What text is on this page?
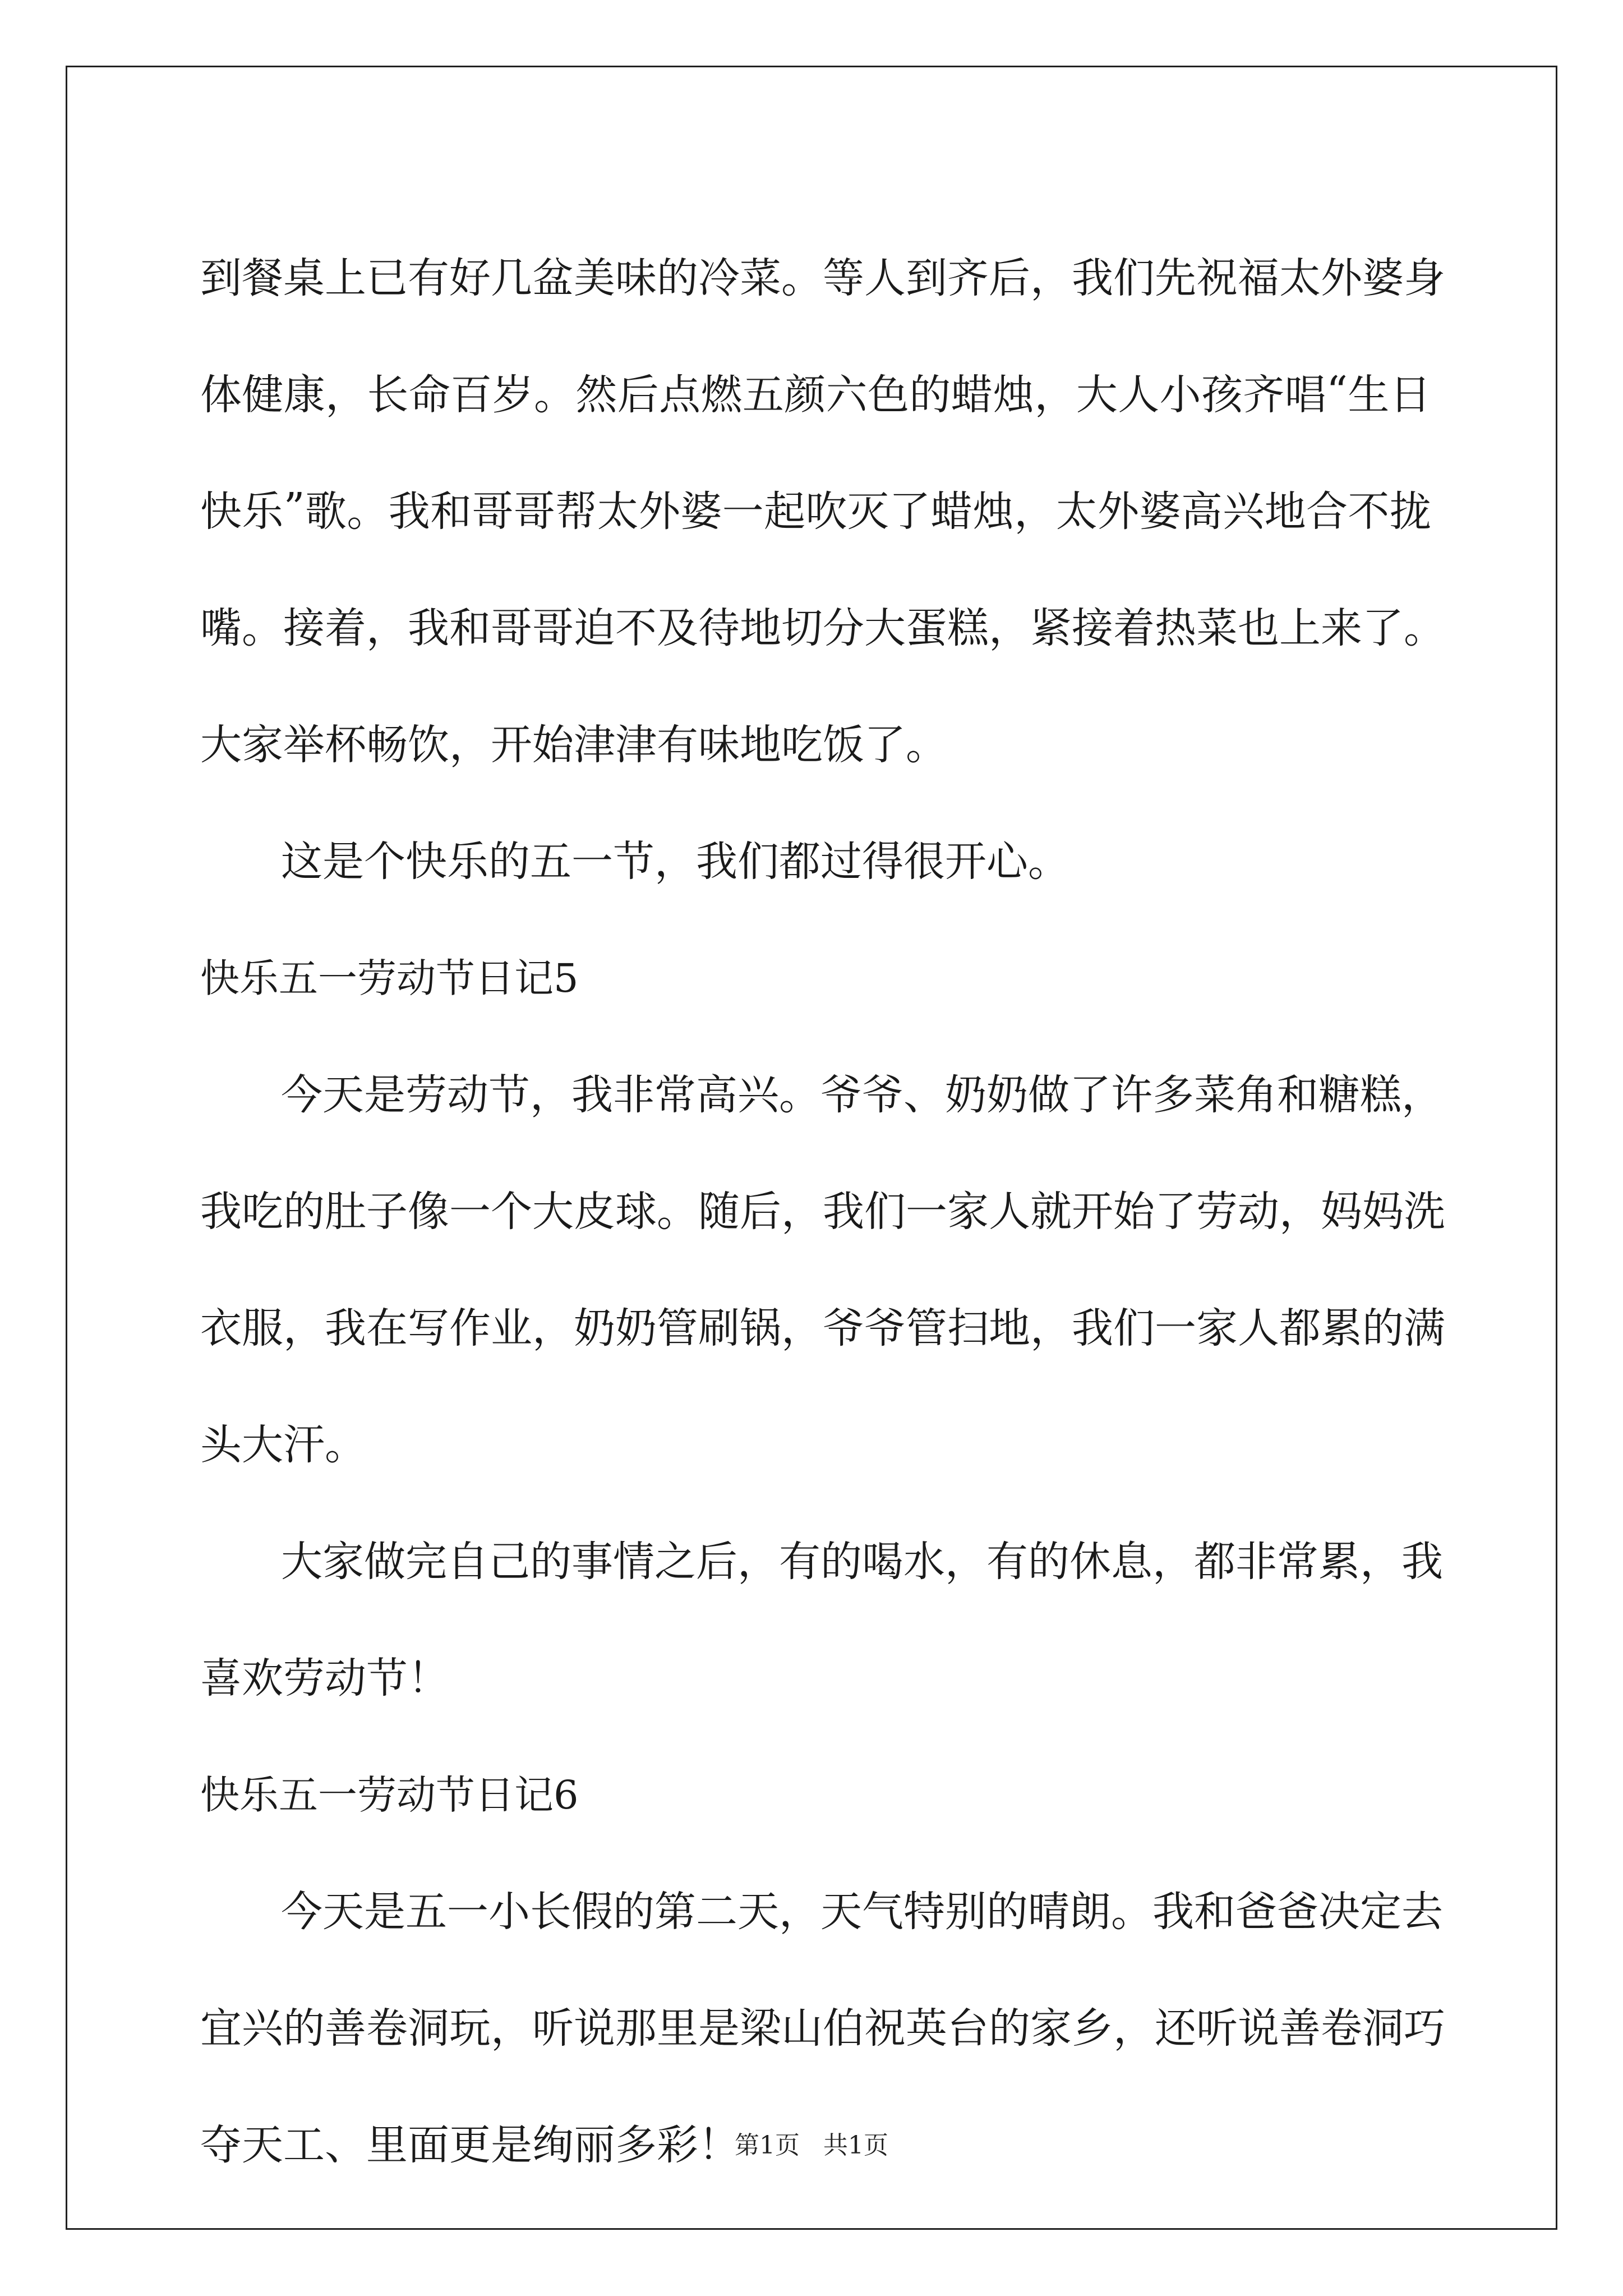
到 餐 桌 上 已 有 好 几 盆 美 味 的 冷 菜 。 等 人 到 齐 后 ， 我 们 先 祝 福 太 外 婆 身
体 健 康 ， 长 命 百 岁 。 然 后 点 燃 五 颜 六 色 的 蜡 烛 ， 大 人 小 孩 齐 唱 “ 生 日
快 乐 ” 歌 。 我 和 哥 哥 帮 太 外 婆 一 起 吹 灭 了 蜡 烛 ， 太 外 婆 高 兴 地 合 不 拢
嘴 。 接 着 ， 我 和 哥 哥 迫 不 及 待 地 切 分 大 蛋 糕 ， 紧 接 着 热 菜 也 上 来 了 。
大家举杯畅饮，开始津津有味地吃饭了。
这是个快乐的五一节，我们都过得很开心。
快乐五一劳动节日记5
今 天 是 劳 动 节 ， 我 非 常 高 兴 。 爷 爷 、 奶 奶 做 了 许 多 菜 角 和 糖 糕 ，
我 吃 的 肚 子 像 一 个 大 皮 球 。 随 后 ， 我 们 一 家 人 就 开 始 了 劳 动 ， 妈 妈 洗
衣 服 ， 我 在 写 作 业 ， 奶 奶 管 刷 锅 ， 爷 爷 管 扫 地 ， 我 们 一 家 人 都 累 的 满
头大汗。
大 家 做 完 自 己 的 事 情 之 后 ， 有 的 喝 水 ， 有 的 休 息 ， 都 非 常 累 ， 我
喜欢劳动节！
快乐五一劳动节日记6
今 天 是 五 一 小 长 假 的 第 二 天 ， 天 气 特 别 的 晴 朗 。 我 和 爸 爸 决 定 去
宜 兴 的 善 卷 洞 玩 ， 听 说 那 里 是 梁 山 伯 祝 英 台 的 家 乡 ， 还 听 说 善 卷 洞 巧
夺天工、里面更是绚丽多彩！
第1页 共1页
